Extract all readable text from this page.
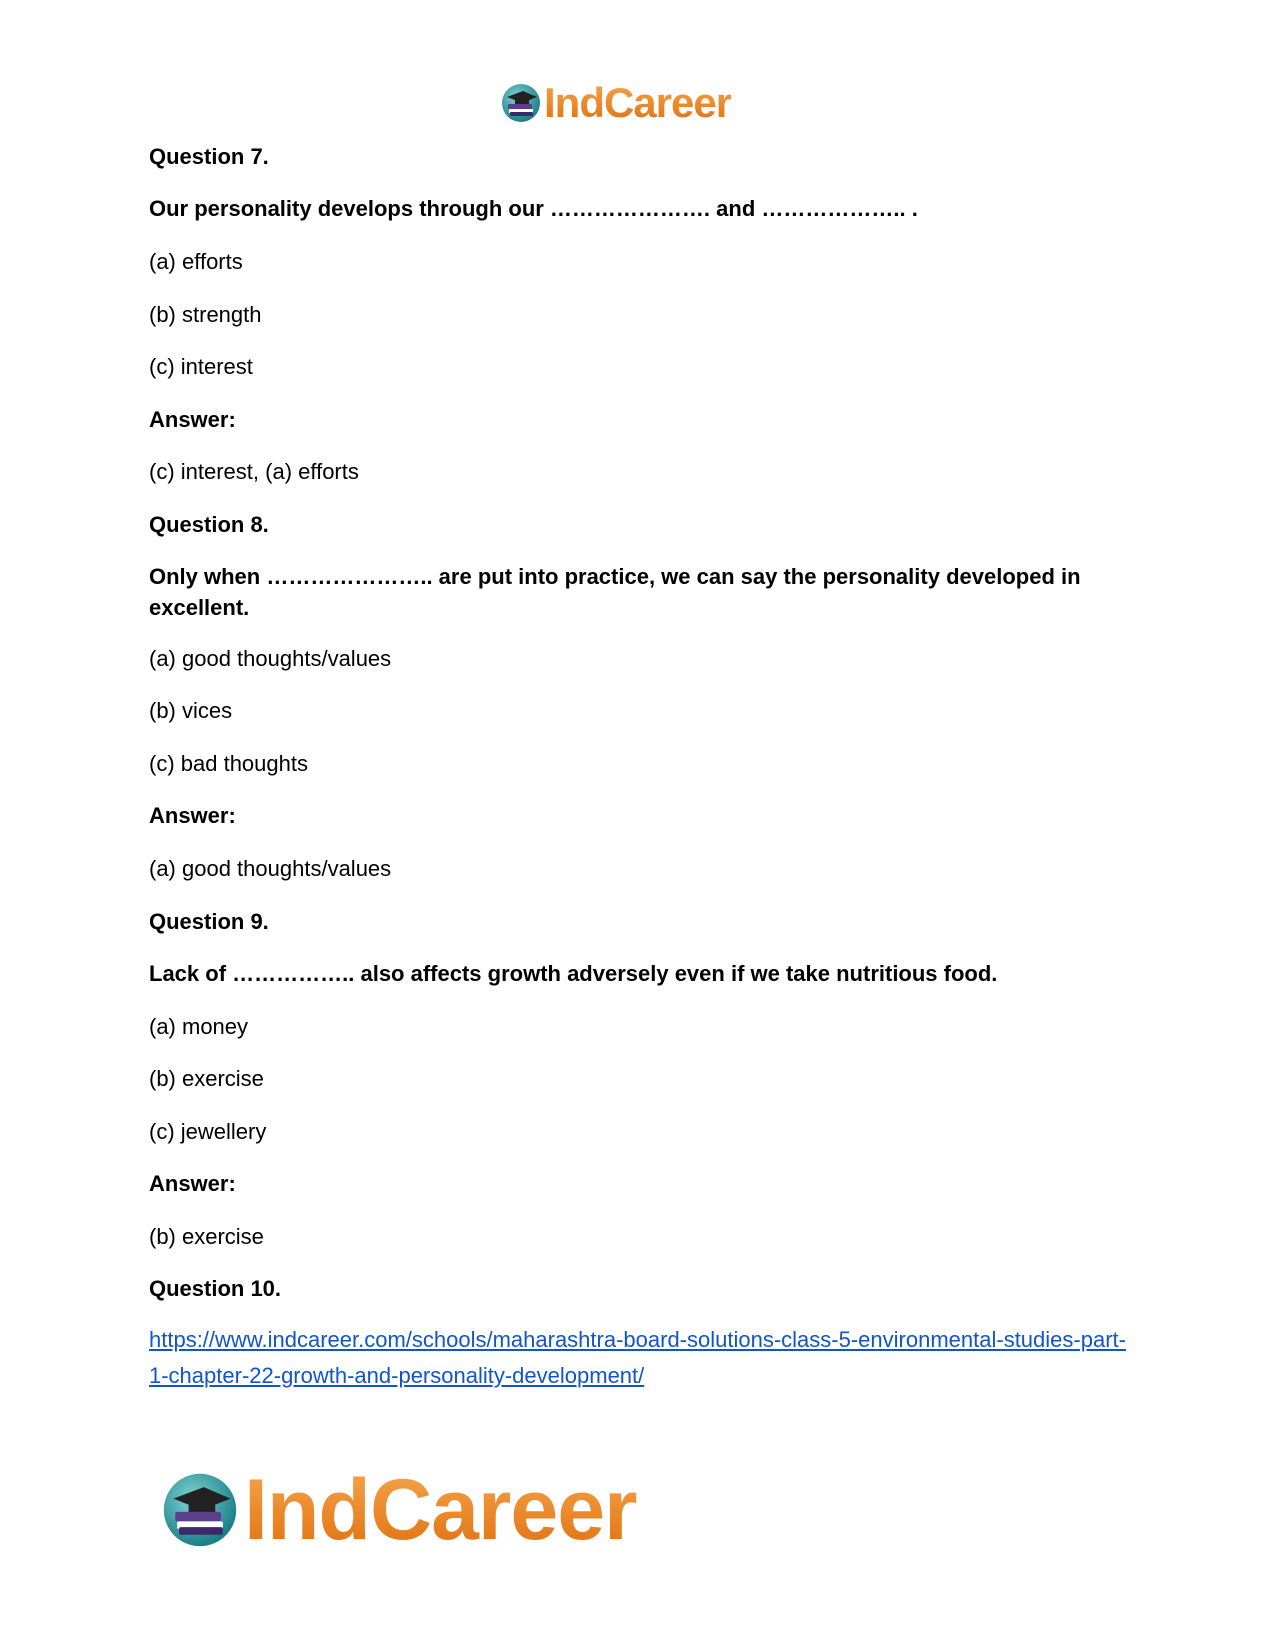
IndCareer
Question 7.
Our personality develops through our …………………. and ……………….. .
(a) efforts
(b) strength
(c) interest
Answer:
(c) interest, (a) efforts
Question 8.
Only when ………………….. are put into practice, we can say the personality developed in excellent.
(a) good thoughts/values
(b) vices
(c) bad thoughts
Answer:
(a) good thoughts/values
Question 9.
Lack of …………….. also affects growth adversely even if we take nutritious food.
(a) money
(b) exercise
(c) jewellery
Answer:
(b) exercise
Question 10.
https://www.indcareer.com/schools/maharashtra-board-solutions-class-5-environmental-studies-part-1-chapter-22-growth-and-personality-development/
IndCareer
